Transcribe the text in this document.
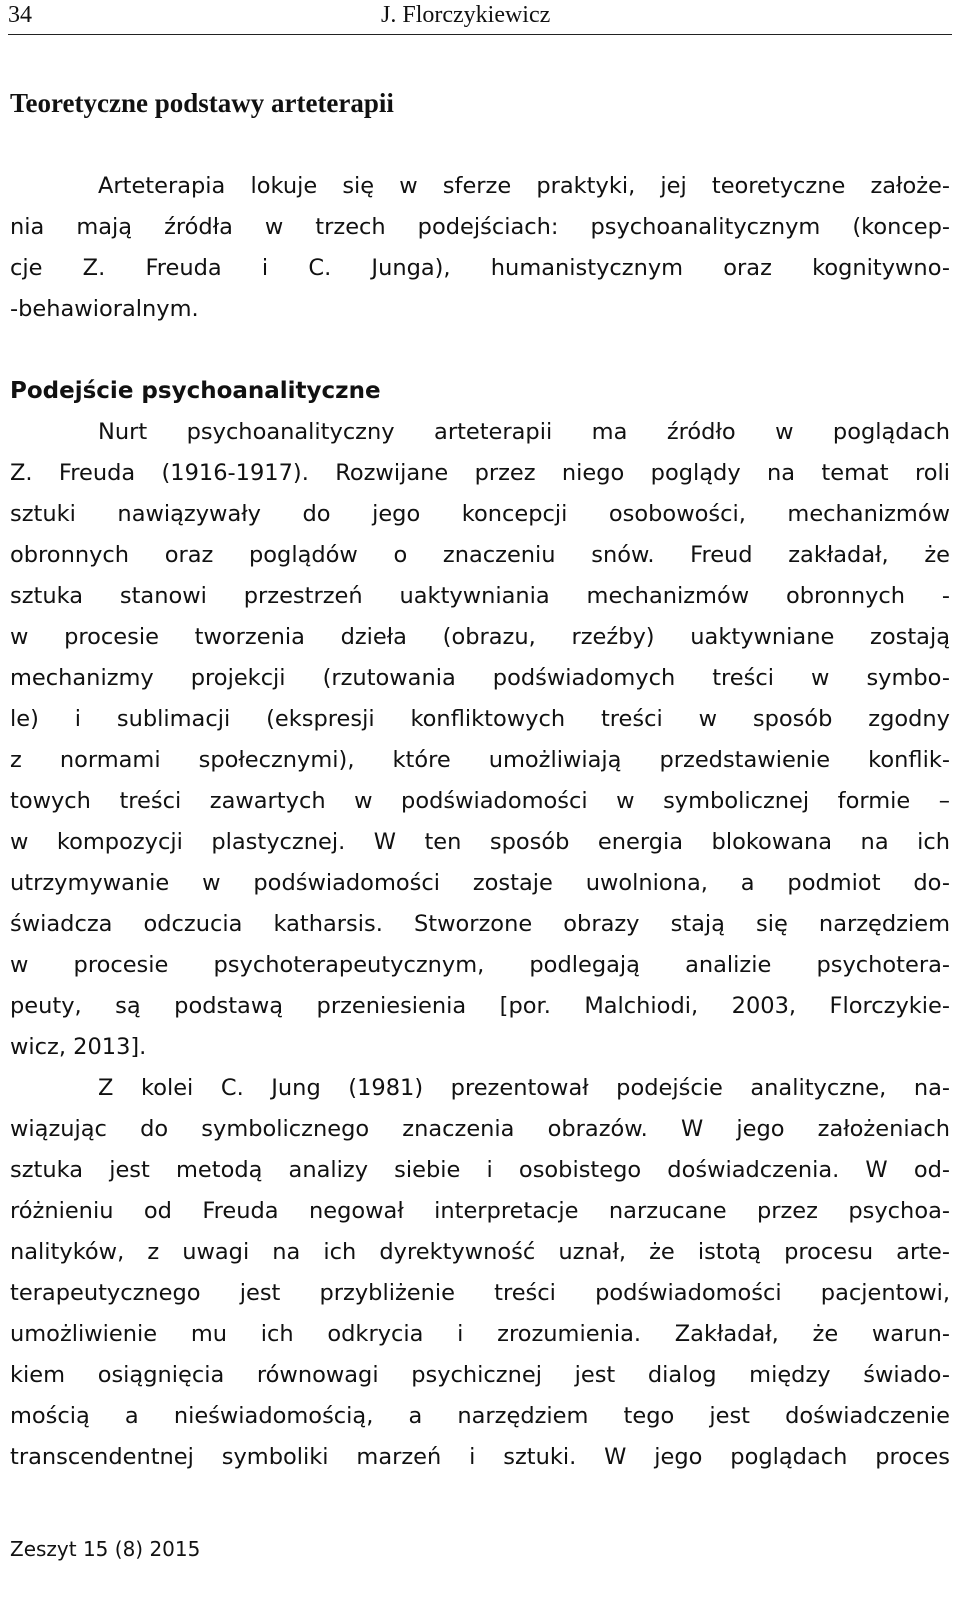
34	J. Florczykiewicz
Teoretyczne podstawy arteterapii
Arteterapia lokuje się w sferze praktyki, jej teoretyczne założe-
nia mają źródła w trzech podejściach: psychoanalitycznym (koncep-
cje Z. Freuda i C. Junga), humanistycznym oraz kognitywno-
-behawioralnym.
Podejście psychoanalityczne
Nurt psychoanalityczny arteterapii ma źródło w poglądach
Z. Freuda (1916-1917). Rozwijane przez niego poglądy na temat roli
sztuki nawiązywały do jego koncepcji osobowości, mechanizmów
obronnych oraz poglądów o znaczeniu snów. Freud zakładał, że
sztuka stanowi przestrzeń uaktywniania mechanizmów obronnych -
w procesie tworzenia dzieła (obrazu, rzeźby) uaktywniane zostają
mechanizmy projekcji (rzutowania podświadomych treści w symbo-
le) i sublimacji (ekspresji konfliktowych treści w sposób zgodny
z normami społecznymi), które umożliwiają przedstawienie konflik-
towych treści zawartych w podświadomości w symbolicznej formie –
w kompozycji plastycznej. W ten sposób energia blokowana na ich
utrzymywanie w podświadomości zostaje uwolniona, a podmiot do-
świadcza odczucia katharsis. Stworzone obrazy stają się narzędziem
w procesie psychoterapeutycznym, podlegają analizie psychotera-
peuty, są podstawą przeniesienia [por. Malchiodi, 2003, Florczykie-
wicz, 2013].
Z kolei C. Jung (1981) prezentował podejście analityczne, na-
wiązując do symbolicznego znaczenia obrazów. W jego założeniach
sztuka jest metodą analizy siebie i osobistego doświadczenia. W od-
różnieniu od Freuda negował interpretacje narzucane przez psychoa-
nalityków, z uwagi na ich dyrektywność uznał, że istotą procesu arte-
terapeutycznego jest przybliżenie treści podświadomości pacjentowi,
umożliwienie mu ich odkrycia i zrozumienia. Zakładał, że warun-
kiem osiągnięcia równowagi psychicznej jest dialog między świado-
mością a nieświadomością, a narzędziem tego jest doświadczenie
transcendentnej symboliki marzeń i sztuki. W jego poglądach proces
Zeszyt 15 (8) 2015
